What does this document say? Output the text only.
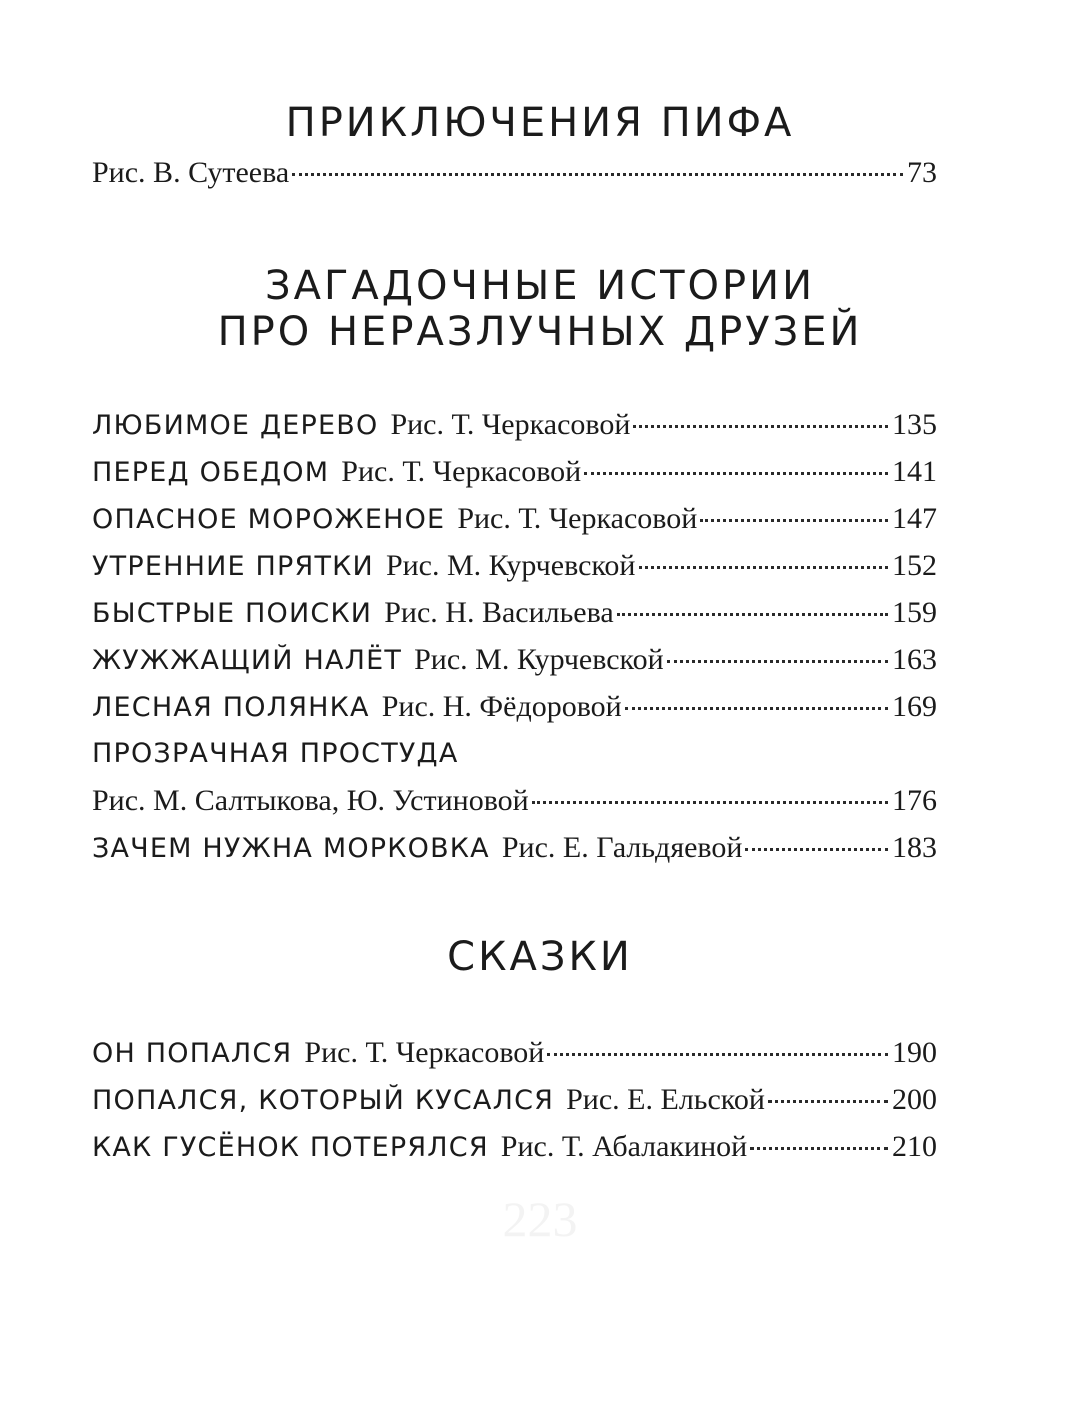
ПРИКЛЮЧЕНИЯ ПИФА
Рис. В. Сутеева	73
ЗАГАДОЧНЫЕ ИСТОРИИ
ПРО НЕРАЗЛУЧНЫХ ДРУЗЕЙ
ЛЮБИМОЕ ДЕРЕВО Рис. Т. Черкасовой	135
ПЕРЕД ОБЕДОМ Рис. Т. Черкасовой	141
ОПАСНОЕ МОРОЖЕНОЕ Рис. Т. Черкасовой	147
УТРЕННИЕ ПРЯТКИ Рис. М. Курчевской	152
БЫСТРЫЕ ПОИСКИ Рис. Н. Васильева	159
ЖУЖЖАЩИЙ НАЛЁТ Рис. М. Курчевской	163
ЛЕСНАЯ ПОЛЯНКА Рис. Н. Фёдоровой	169
ПРОЗРАЧНАЯ ПРОСТУДА
Рис. М. Салтыкова, Ю. Устиновой	176
ЗАЧЕМ НУЖНА МОРКОВКА Рис. Е. Гальдяевой	183
СКАЗКИ
ОН ПОПАЛСЯ Рис. Т. Черкасовой	190
ПОПАЛСЯ, КОТОРЫЙ КУСАЛСЯ Рис. Е. Ельской	200
КАК ГУСЁНОК ПОТЕРЯЛСЯ Рис. Т. Абалакиной	210
223
